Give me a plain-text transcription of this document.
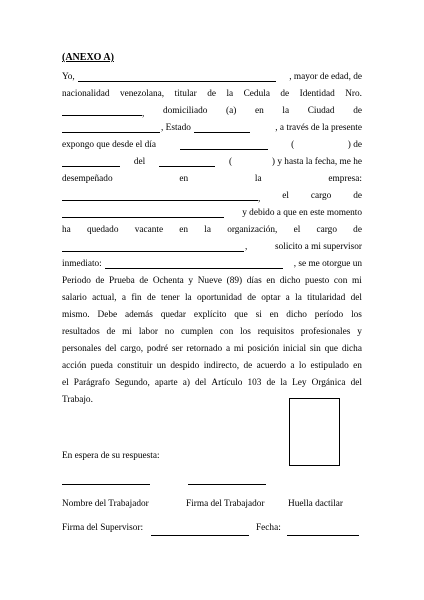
(ANEXO A)
Yo,	, mayor de edad, de
nacionalidad venezolana, titular de la Cedula de Identidad Nro.
, domiciliado (a) en la Ciudad de
, Estado	, a través de la presente
expongo que desde el día	(	) de
del	(	) y hasta la fecha, me he
desempeñado	en	la	empresa:
, el cargo de
y debido a que en este momento
ha quedado vacante en la organización, el cargo de
,	solicito a mi supervisor
inmediato:	, se me otorgue un
Periodo de Prueba de Ochenta y Nueve (89) días en dicho puesto con mi
salario actual, a fin de tener la oportunidad de optar a la titularidad del
mismo. Debe además quedar explícito que si en dicho período los
resultados de mi labor no cumplen con los requisitos profesionales y
personales del cargo, podré ser retornado a mi posición inicial sin que dicha
acción pueda constituir un despido indirecto, de acuerdo a lo estipulado en
el Parágrafo Segundo, aparte a) del Artículo 103 de la Ley Orgánica del
Trabajo.
En espera de su respuesta:
Nombre del Trabajador	Firma del Trabajador	Huella dactilar
Firma del Supervisor:	Fecha:
